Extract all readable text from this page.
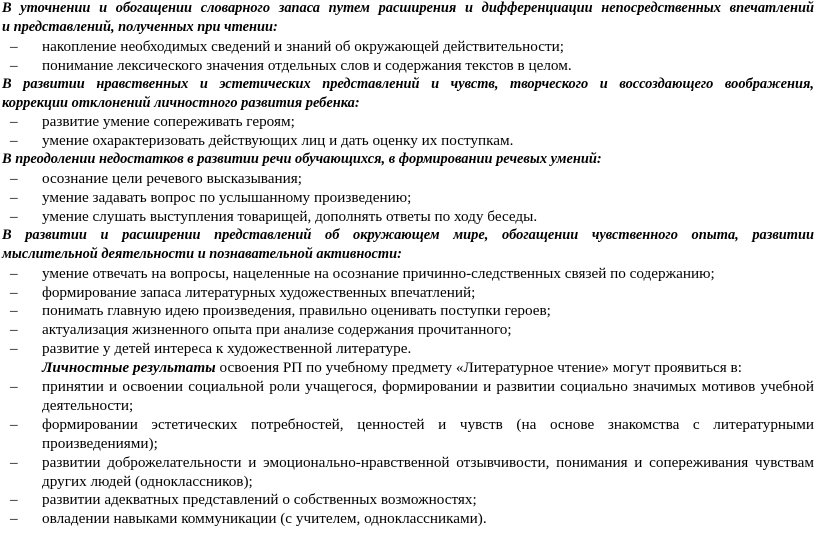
В уточнении и обогащении словарного запаса путем расширения и дифференциации непосредственных впечатлений
и представлений, полученных при чтении:
– накопление необходимых сведений и знаний об окружающей действительности;
– понимание лексического значения отдельных слов и содержания текстов в целом.
В развитии нравственных и эстетических представлений и чувств, творческого и воссоздающего воображения,
коррекции отклонений личностного развития ребенка:
– развитие умение сопереживать героям;
– умение охарактеризовать действующих лиц и дать оценку их поступкам.
В преодолении недостатков в развитии речи обучающихся, в формировании речевых умений:
– осознание цели речевого высказывания;
– умение задавать вопрос по услышанному произведению;
– умение слушать выступления товарищей, дополнять ответы по ходу беседы.
В развитии и расширении представлений об окружающем мире, обогащении чувственного опыта, развитии
мыслительной деятельности и познавательной активности:
– умение отвечать на вопросы, нацеленные на осознание причинно-следственных связей по содержанию;
– формирование запаса литературных художественных впечатлений;
– понимать главную идею произведения, правильно оценивать поступки героев;
– актуализация жизненного опыта при анализе содержания прочитанного;
– развитие у детей интереса к художественной литературе.
Личностные результаты освоения РП по учебному предмету «Литературное чтение» могут проявиться в:
– принятии и освоении социальной роли учащегося, формировании и развитии социально значимых мотивов учебной
деятельности;
– формировании эстетических потребностей, ценностей и чувств (на основе знакомства с литературными
произведениями);
– развитии доброжелательности и эмоционально-нравственной отзывчивости, понимания и сопереживания чувствам
других людей (одноклассников);
– развитии адекватных представлений о собственных возможностях;
– овладении навыками коммуникации (с учителем, одноклассниками).
